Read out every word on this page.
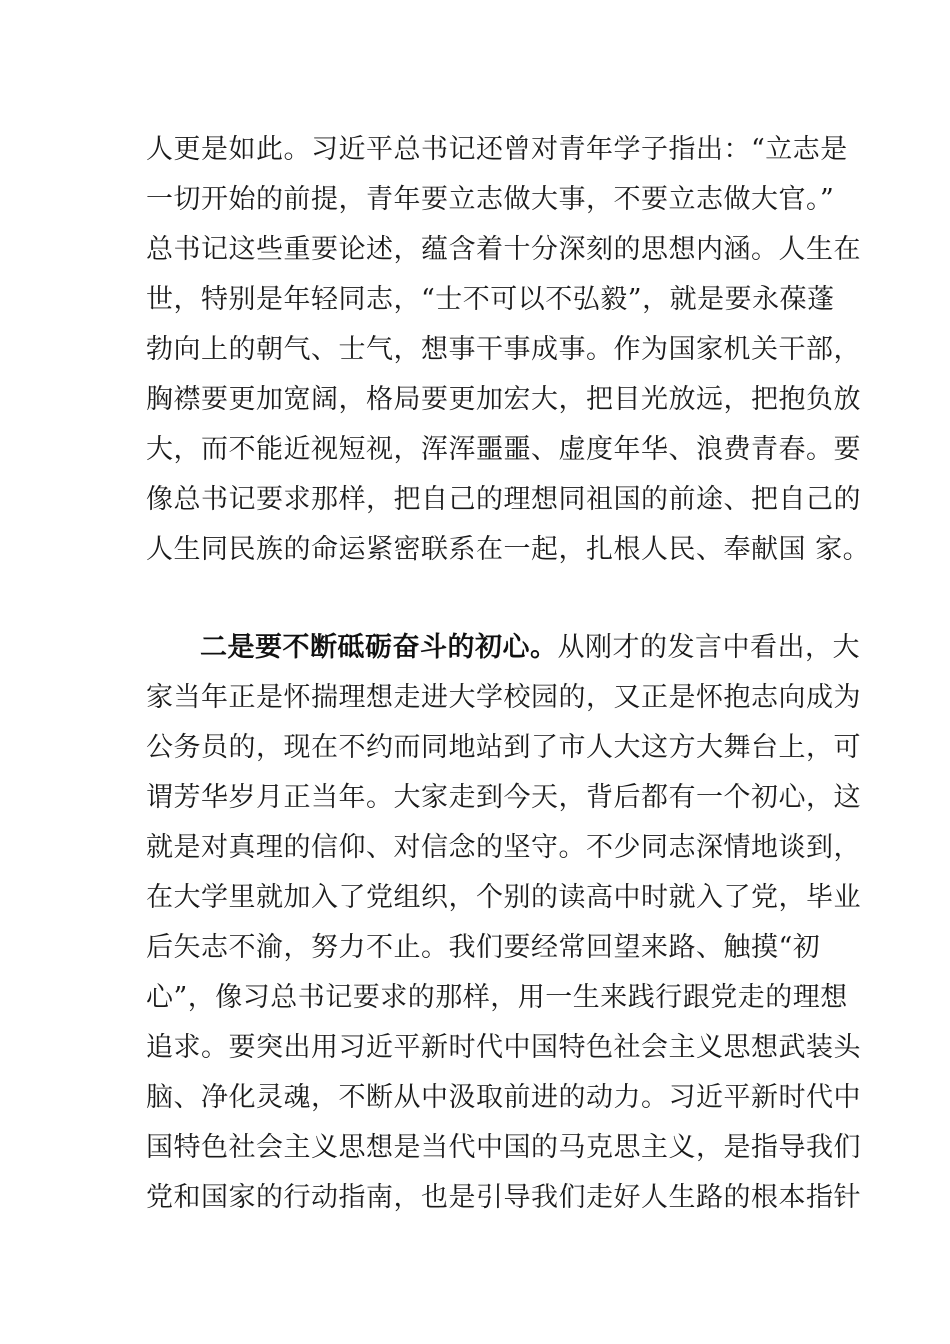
人更是如此。习近平总书记还曾对青年学子指出：“立志是
一切开始的前提，青年要立志做大事，不要立志做大官。”
总书记这些重要论述，蕴含着十分深刻的思想内涵。人生在
世，特别是年轻同志，“士不可以不弘毅”，就是要永葆蓬
勃向上的朝气、士气，想事干事成事。作为国家机关干部，
胸襟要更加宽阔，格局要更加宏大，把目光放远，把抱负放
大，而不能近视短视，浑浑噩噩、虚度年华、浪费青春。要
像总书记要求那样，把自己的理想同祖国的前途、把自己的
人生同民族的命运紧密联系在一起，扎根人民、奉献国 家。
二是要不断砥砺奋斗的初心。从刚才的发言中看出，大
家当年正是怀揣理想走进大学校园的，又正是怀抱志向成为
公务员的，现在不约而同地站到了市人大这方大舞台上，可
谓芳华岁月正当年。大家走到今天，背后都有一个初心，这
就是对真理的信仰、对信念的坚守。不少同志深情地谈到，
在大学里就加入了党组织，个别的读高中时就入了党，毕业
后矢志不渝，努力不止。我们要经常回望来路、触摸“初
心”，像习总书记要求的那样，用一生来践行跟党走的理想
追求。要突出用习近平新时代中国特色社会主义思想武装头
脑、净化灵魂，不断从中汲取前进的动力。习近平新时代中
国特色社会主义思想是当代中国的马克思主义，是指导我们
党和国家的行动指南，也是引导我们走好人生路的根本指针
